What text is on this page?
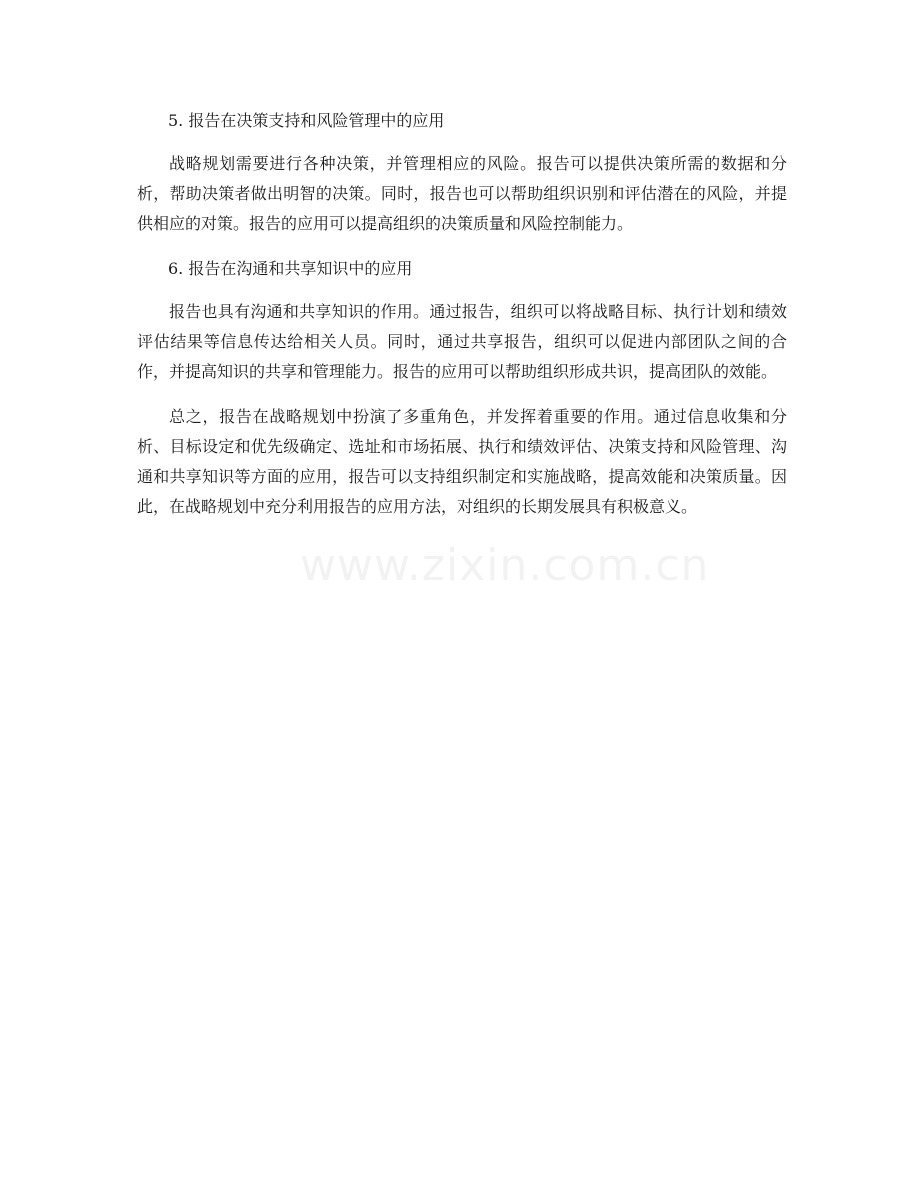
5. 报告在决策支持和风险管理中的应用

战略规划需要进行各种决策，并管理相应的风险。报告可以提供决策所需的数据和分析，帮助决策者做出明智的决策。同时，报告也可以帮助组织识别和评估潜在的风险，并提供相应的对策。报告的应用可以提高组织的决策质量和风险控制能力。

6. 报告在沟通和共享知识中的应用

报告也具有沟通和共享知识的作用。通过报告，组织可以将战略目标、执行计划和绩效评估结果等信息传达给相关人员。同时，通过共享报告，组织可以促进内部团队之间的合作，并提高知识的共享和管理能力。报告的应用可以帮助组织形成共识，提高团队的效能。

总之，报告在战略规划中扮演了多重角色，并发挥着重要的作用。通过信息收集和分析、目标设定和优先级确定、选址和市场拓展、执行和绩效评估、决策支持和风险管理、沟通和共享知识等方面的应用，报告可以支持组织制定和实施战略，提高效能和决策质量。因此，在战略规划中充分利用报告的应用方法，对组织的长期发展具有积极意义。

www.zixin.com.cn
